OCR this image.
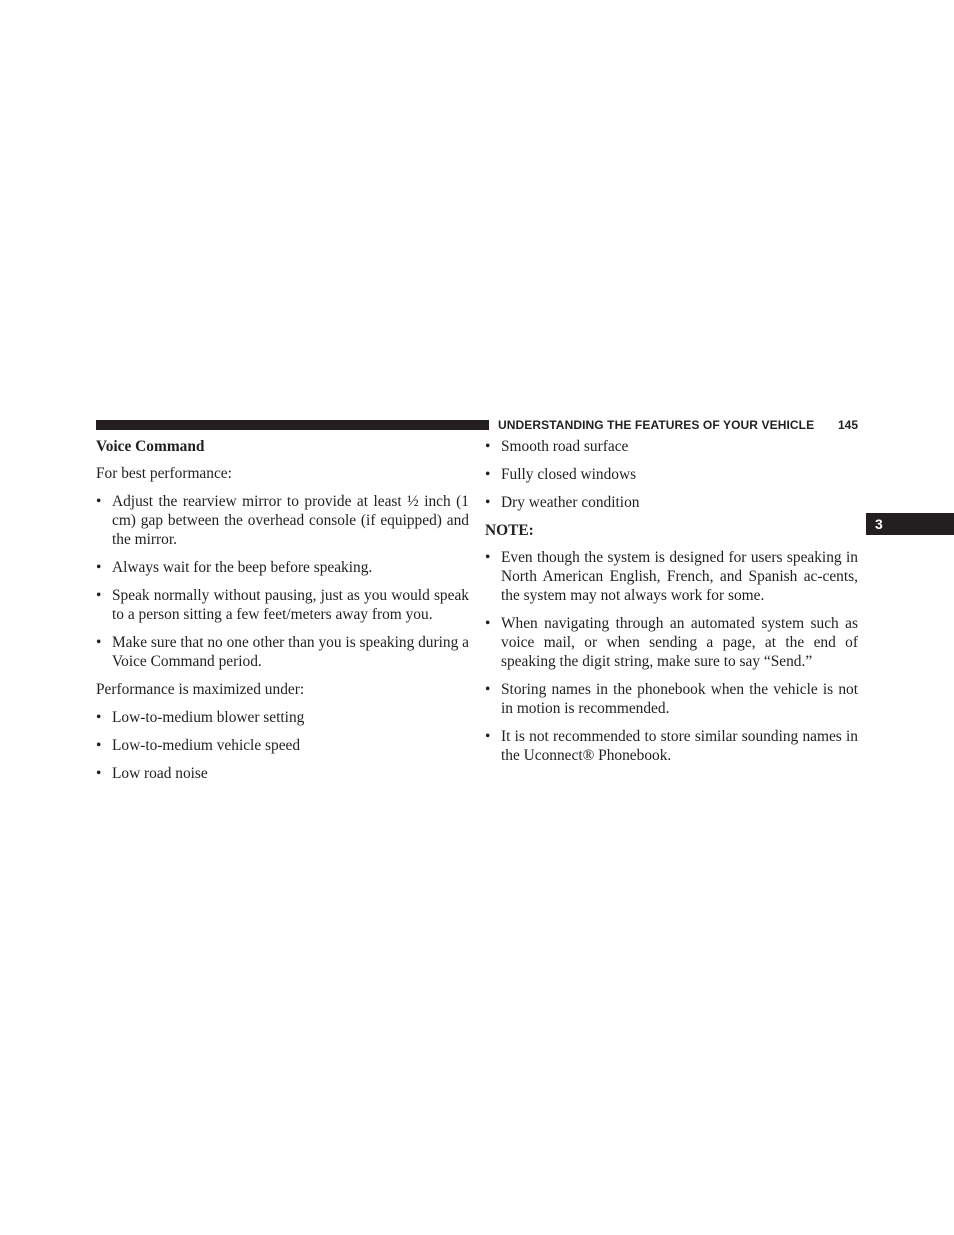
UNDERSTANDING THE FEATURES OF YOUR VEHICLE 145
3
Voice Command
For best performance:
• Adjust the rearview mirror to provide at least ½ inch (1 cm) gap between the overhead console (if equipped) and the mirror.
• Always wait for the beep before speaking.
• Speak normally without pausing, just as you would speak to a person sitting a few feet/meters away from you.
• Make sure that no one other than you is speaking during a Voice Command period.
Performance is maximized under:
• Low-to-medium blower setting
• Low-to-medium vehicle speed
• Low road noise
• Smooth road surface
• Fully closed windows
• Dry weather condition
NOTE:
• Even though the system is designed for users speaking in North American English, French, and Spanish ac-cents, the system may not always work for some.
• When navigating through an automated system such as voice mail, or when sending a page, at the end of speaking the digit string, make sure to say “Send.”
• Storing names in the phonebook when the vehicle is not in motion is recommended.
• It is not recommended to store similar sounding names in the Uconnect® Phonebook.
